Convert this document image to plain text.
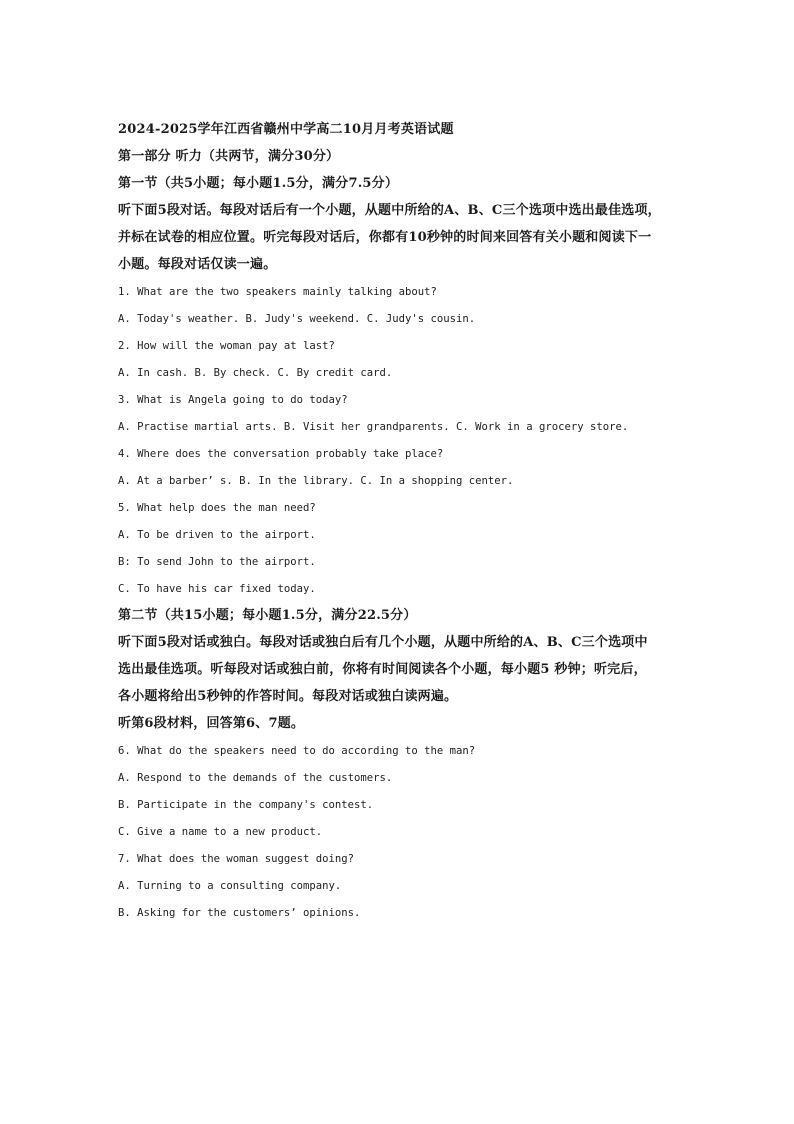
2024-2025学年江西省赣州中学高二10月月考英语试题
第一部分 听力（共两节，满分30分）
第一节（共5小题；每小题1.5分，满分7.5分）
听下面5段对话。每段对话后有一个小题，从题中所给的A、B、C三个选项中选出最佳选项，
并标在试卷的相应位置。听完每段对话后，你都有10秒钟的时间来回答有关小题和阅读下一
小题。每段对话仅读一遍。
1. What are the two speakers mainly talking about?
A. Today's weather. B. Judy's weekend. C. Judy's cousin.
2. How will the woman pay at last?
A. In cash. B. By check. C. By credit card.
3. What is Angela going to do today?
A. Practise martial arts. B. Visit her grandparents. C. Work in a grocery store.
4. Where does the conversation probably take place?
A. At a barber’ s. B. In the library. C. In a shopping center.
5. What help does the man need?
A. To be driven to the airport.
B: To send John to the airport.
C. To have his car fixed today.
第二节（共15小题；每小题1.5分，满分22.5分）
听下面5段对话或独白。每段对话或独白后有几个小题，从题中所给的A、B、C三个选项中
选出最佳选项。听每段对话或独白前，你将有时间阅读各个小题，每小题5 秒钟；听完后，
各小题将给出5秒钟的作答时间。每段对话或独白读两遍。
听第6段材料，回答第6、7题。
6. What do the speakers need to do according to the man?
A. Respond to the demands of the customers.
B. Participate in the company's contest.
C. Give a name to a new product.
7. What does the woman suggest doing?
A. Turning to a consulting company.
B. Asking for the customers’ opinions.
